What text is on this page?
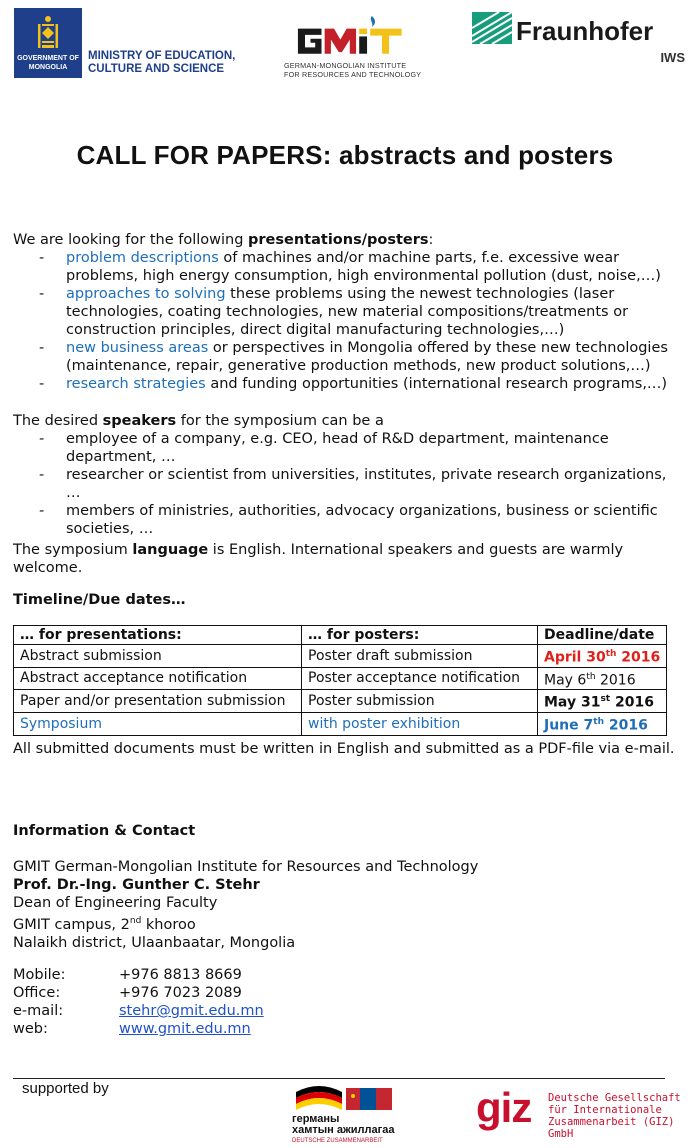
GOVERNMENT OF MONGOLIA
MINISTRY OF EDUCATION,
CULTURE AND SCIENCE	GERMAN-MONGOLIAN INSTITUTE
FOR RESOURCES AND TECHNOLOGY
Fraunhofer
IWS
CALL FOR PAPERS: abstracts and posters
We are looking for the following presentations/posters:
- problem descriptions of machines and/or machine parts, f.e. excessive wear problems, high energy consumption, high environmental pollution (dust, noise,…)
- approaches to solving these problems using the newest technologies (laser technologies, coating technologies, new material compositions/treatments or construction principles, direct digital manufacturing technologies,…)
- new business areas or perspectives in Mongolia offered by these new technologies (maintenance, repair, generative production methods, new product solutions,…)
- research strategies and funding opportunities (international research programs,…)
The desired speakers for the symposium can be a
- employee of a company, e.g. CEO, head of R&D department, maintenance department, …
- researcher or scientist from universities, institutes, private research organizations, …
- members of ministries, authorities, advocacy organizations, business or scientific societies, …
The symposium language is English. International speakers and guests are warmly welcome.
Timeline/Due dates…
… for presentations:	… for posters:	Deadline/date
Abstract submission	Poster draft submission	April 30th 2016
Abstract acceptance notification	Poster acceptance notification	May 6th 2016
Paper and/or presentation submission	Poster submission	May 31st 2016
Symposium	with poster exhibition	June 7th 2016
All submitted documents must be written in English and submitted as a PDF-file via e-mail.
Information & Contact
GMIT German-Mongolian Institute for Resources and Technology
Prof. Dr.-Ing. Gunther C. Stehr
Dean of Engineering Faculty
GMIT campus, 2nd khoroo
Nalaikh district, Ulaanbaatar, Mongolia
Mobile:	+976 8813 8669
Office:	+976 7023 2089
e-mail:	stehr@gmit.edu.mn
web:	www.gmit.edu.mn
supported by
германы
хамтын ажиллагаа
DEUTSCHE ZUSAMMENARBEIT
giz Deutsche Gesellschaft
für Internationale
Zusammenarbeit (GIZ) GmbH
